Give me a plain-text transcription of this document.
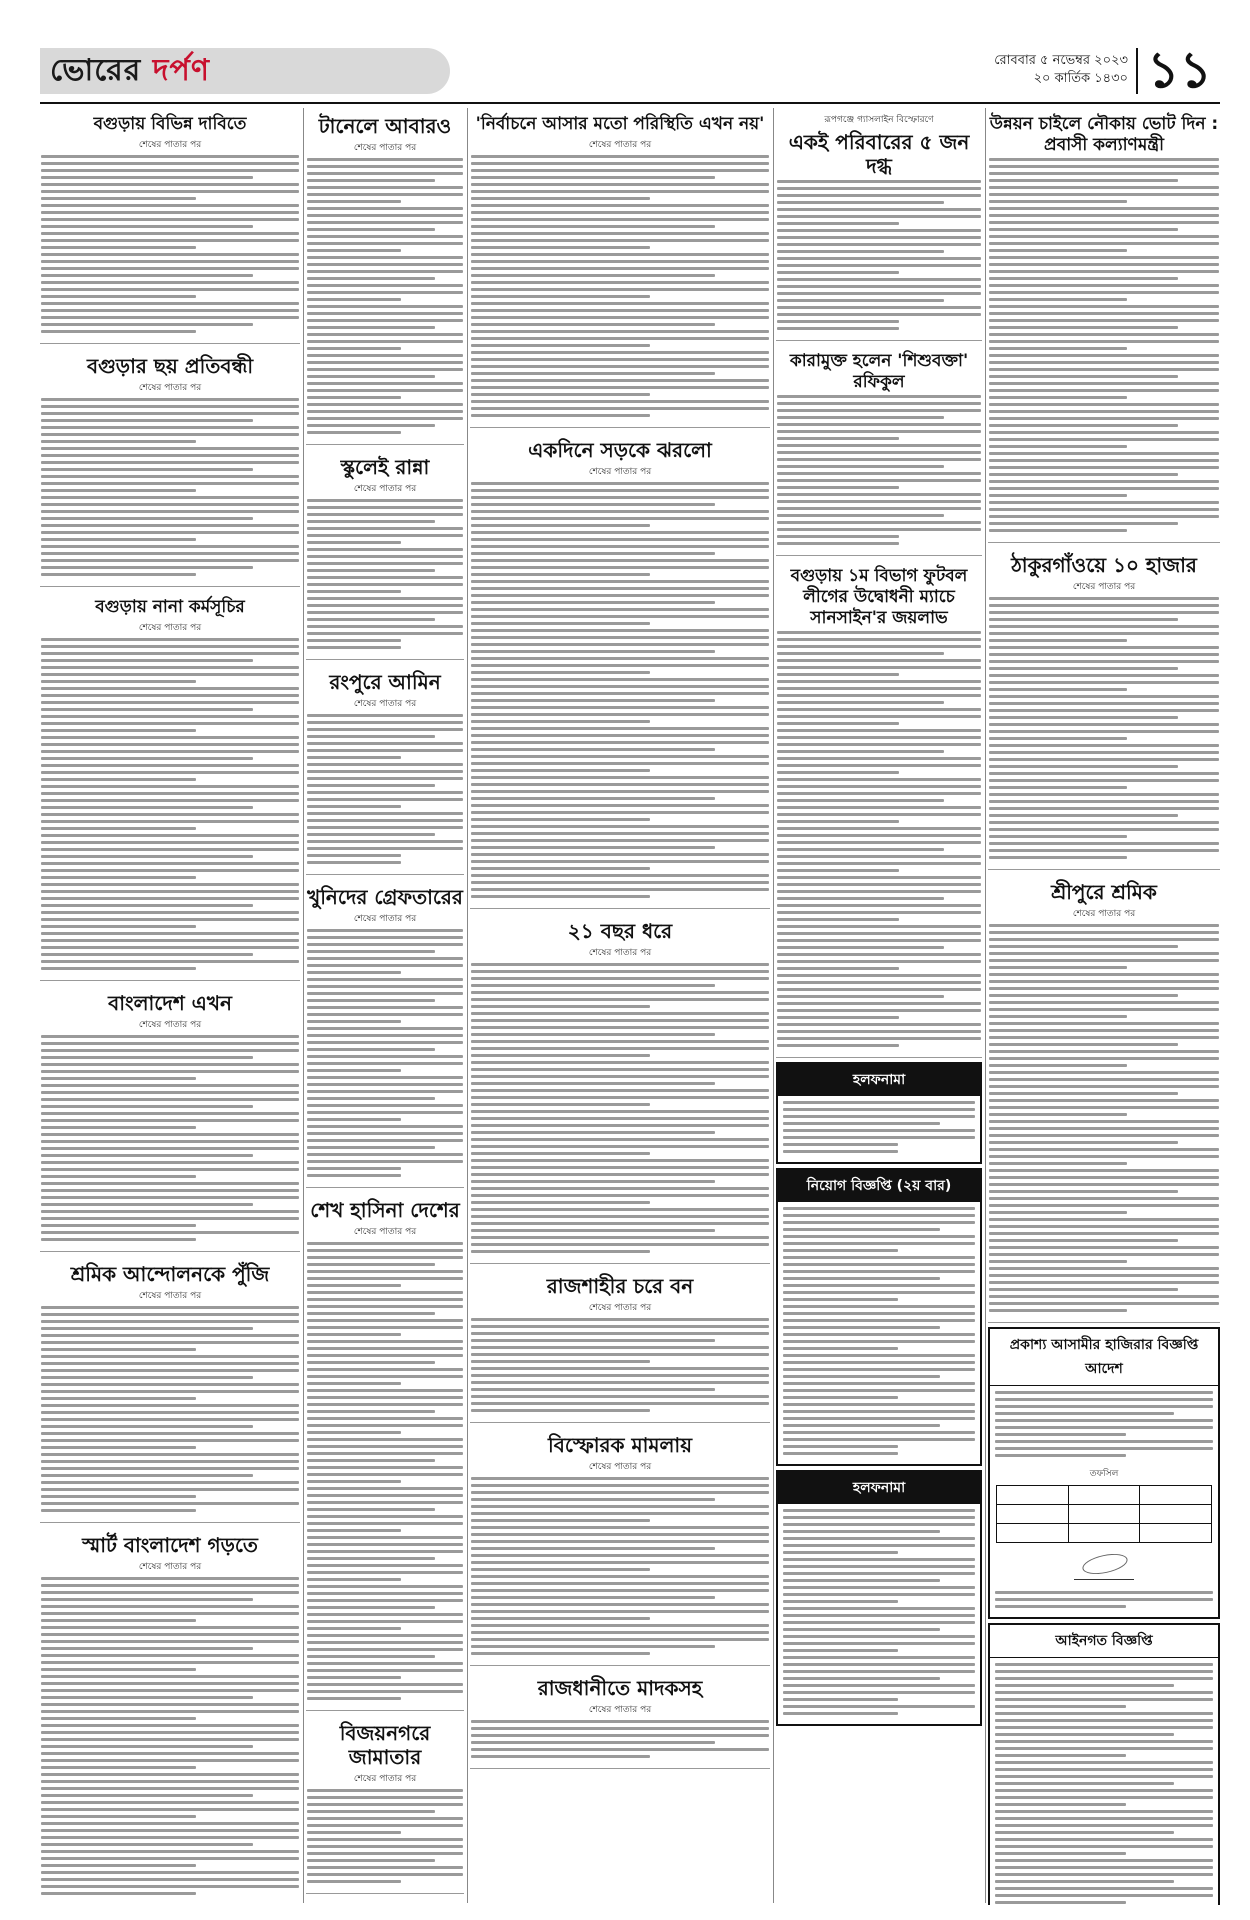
ভোরের দর্পণ	রোববার ৫ নভেম্বর ২০২৩
২০ কার্তিক ১৪৩০ ১১
বগুড়ায় বিভিন্ন দাবিতে
শেষের পাতার পর
বগুড়ার ছয় প্রতিবন্ধী
শেষের পাতার পর
বগুড়ায় নানা কর্মসূচির
শেষের পাতার পর
বাংলাদেশ এখন
শেষের পাতার পর
শ্রমিক আন্দোলনকে পুঁজি
শেষের পাতার পর
স্মার্ট বাংলাদেশ গড়তে
শেষের পাতার পর
টানেলে আবারও
শেষের পাতার পর
স্কুলেই রান্না
শেষের পাতার পর
রংপুরে আমিন
শেষের পাতার পর
খুনিদের গ্রেফতারের
শেষের পাতার পর
শেখ হাসিনা দেশের
শেষের পাতার পর
বিজয়নগরে জামাতার
শেষের পাতার পর
'নির্বাচনে আসার মতো পরিস্থিতি এখন নয়'
শেষের পাতার পর
একদিনে সড়কে ঝরলো
শেষের পাতার পর
২১ বছর ধরে
শেষের পাতার পর
রাজশাহীর চরে বন
শেষের পাতার পর
বিস্ফোরক মামলায়
শেষের পাতার পর
রাজধানীতে মাদকসহ
শেষের পাতার পর
রূপগঞ্জে গ্যাসলাইন বিস্ফোরণে
একই পরিবারের ৫ জন দগ্ধ
কারামুক্ত হলেন 'শিশুবক্তা' রফিকুল
বগুড়ায় ১ম বিভাগ ফুটবল লীগের উদ্বোধনী ম্যাচে সানসাইন'র জয়লাভ
হলফনামা
নিয়োগ বিজ্ঞপ্তি (২য় বার)
হলফনামা
উন্নয়ন চাইলে নৌকায় ভোট দিন : প্রবাসী কল্যাণমন্ত্রী
ঠাকুরগাঁওয়ে ১০ হাজার
শেষের পাতার পর
শ্রীপুরে শ্রমিক
শেষের পাতার পর
প্রকাশ্য আসামীর হাজিরার বিজ্ঞপ্তি আদেশ
তফসিল
আইনগত বিজ্ঞপ্তি
